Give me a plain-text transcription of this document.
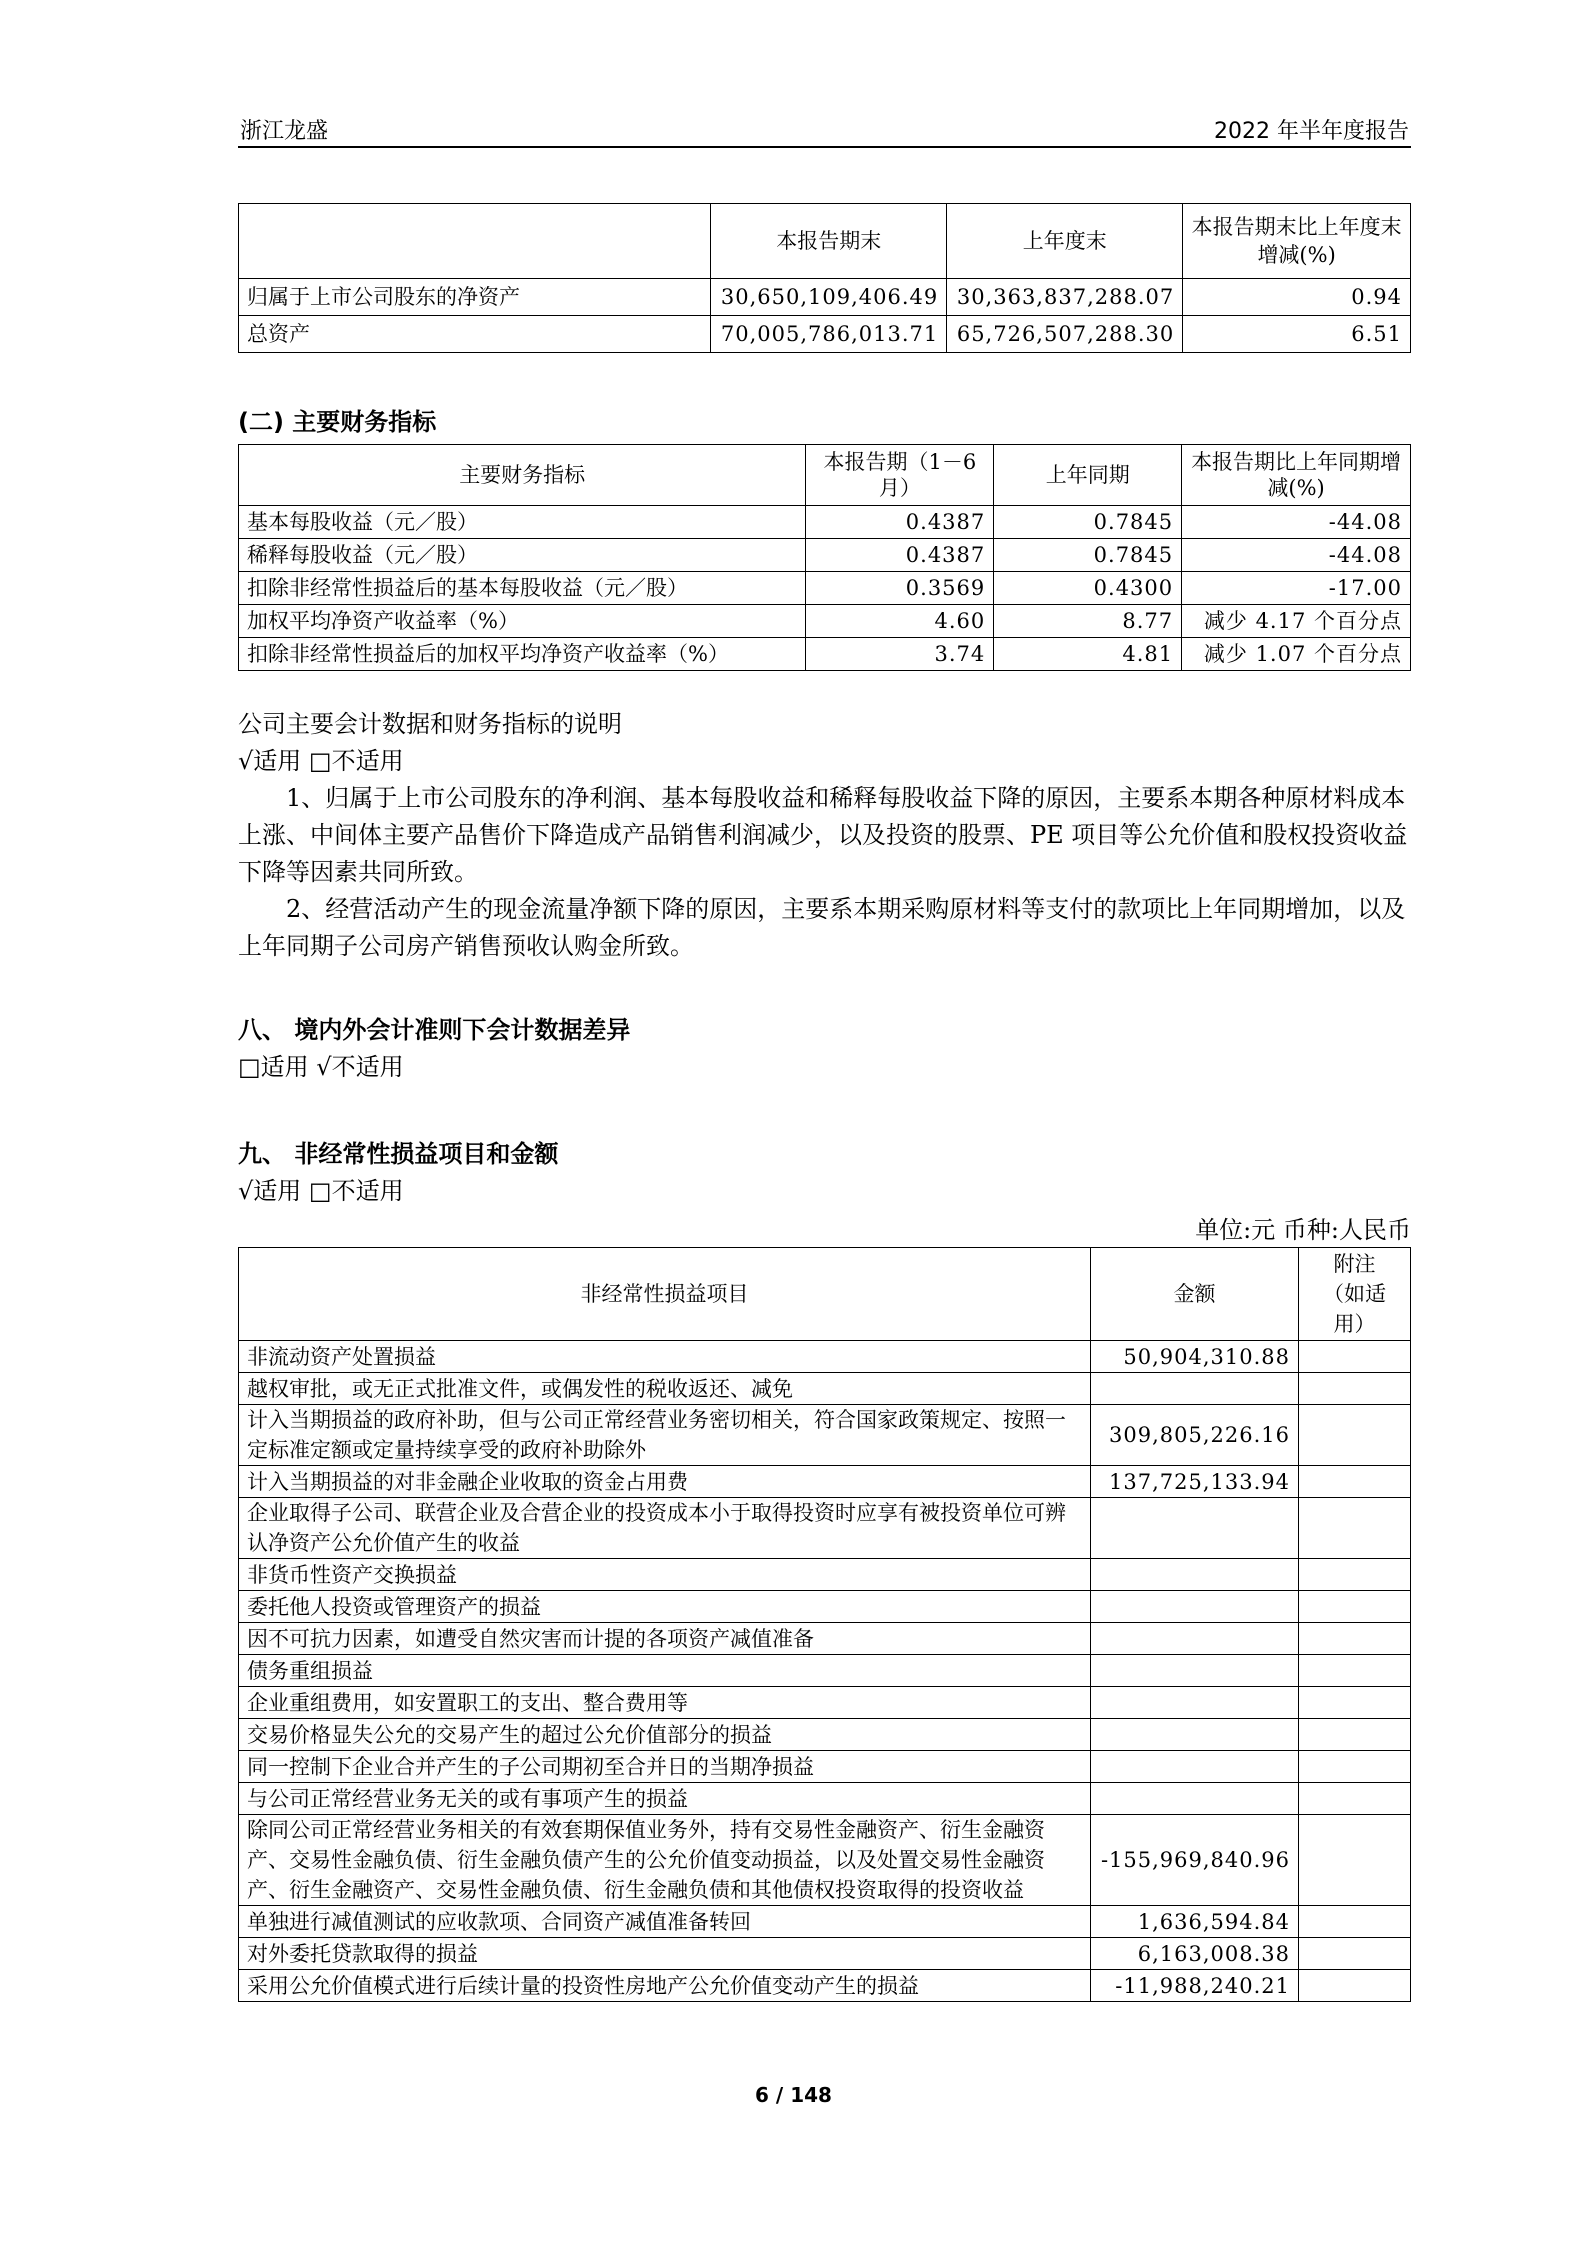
浙江龙盛	2022 年半年度报告
	本报告期末	上年度末	本报告期末比上年度末增减(%)
归属于上市公司股东的净资产	30,650,109,406.49	30,363,837,288.07	0.94
总资产	70,005,786,013.71	65,726,507,288.30	6.51
(二) 主要财务指标
主要财务指标	本报告期（1－6月）	上年同期	本报告期比上年同期增减(%)
基本每股收益（元／股）	0.4387	0.7845	-44.08
稀释每股收益（元／股）	0.4387	0.7845	-44.08
扣除非经常性损益后的基本每股收益（元／股）	0.3569	0.4300	-17.00
加权平均净资产收益率（%）	4.60	8.77	减少 4.17 个百分点
扣除非经常性损益后的加权平均净资产收益率（%）	3.74	4.81	减少 1.07 个百分点
公司主要会计数据和财务指标的说明
√适用 □不适用
1、归属于上市公司股东的净利润、基本每股收益和稀释每股收益下降的原因，主要系本期各种原材料成本上涨、中间体主要产品售价下降造成产品销售利润减少，以及投资的股票、PE 项目等公允价值和股权投资收益下降等因素共同所致。
2、经营活动产生的现金流量净额下降的原因，主要系本期采购原材料等支付的款项比上年同期增加，以及上年同期子公司房产销售预收认购金所致。
八、 境内外会计准则下会计数据差异
□适用 √不适用
九、 非经常性损益项目和金额
√适用 □不适用
单位:元 币种:人民币
非经常性损益项目	金额	附注（如适用）
非流动资产处置损益	50,904,310.88	
越权审批，或无正式批准文件，或偶发性的税收返还、减免		
计入当期损益的政府补助，但与公司正常经营业务密切相关，符合国家政策规定、按照一定标准定额或定量持续享受的政府补助除外	309,805,226.16	
计入当期损益的对非金融企业收取的资金占用费	137,725,133.94	
企业取得子公司、联营企业及合营企业的投资成本小于取得投资时应享有被投资单位可辨认净资产公允价值产生的收益		
非货币性资产交换损益		
委托他人投资或管理资产的损益		
因不可抗力因素，如遭受自然灾害而计提的各项资产减值准备		
债务重组损益		
企业重组费用，如安置职工的支出、整合费用等		
交易价格显失公允的交易产生的超过公允价值部分的损益		
同一控制下企业合并产生的子公司期初至合并日的当期净损益		
与公司正常经营业务无关的或有事项产生的损益		
除同公司正常经营业务相关的有效套期保值业务外，持有交易性金融资产、衍生金融资产、交易性金融负债、衍生金融负债产生的公允价值变动损益，以及处置交易性金融资产、衍生金融资产、交易性金融负债、衍生金融负债和其他债权投资取得的投资收益	-155,969,840.96	
单独进行减值测试的应收款项、合同资产减值准备转回	1,636,594.84	
对外委托贷款取得的损益	6,163,008.38	
采用公允价值模式进行后续计量的投资性房地产公允价值变动产生的损益	-11,988,240.21	
6 / 148
